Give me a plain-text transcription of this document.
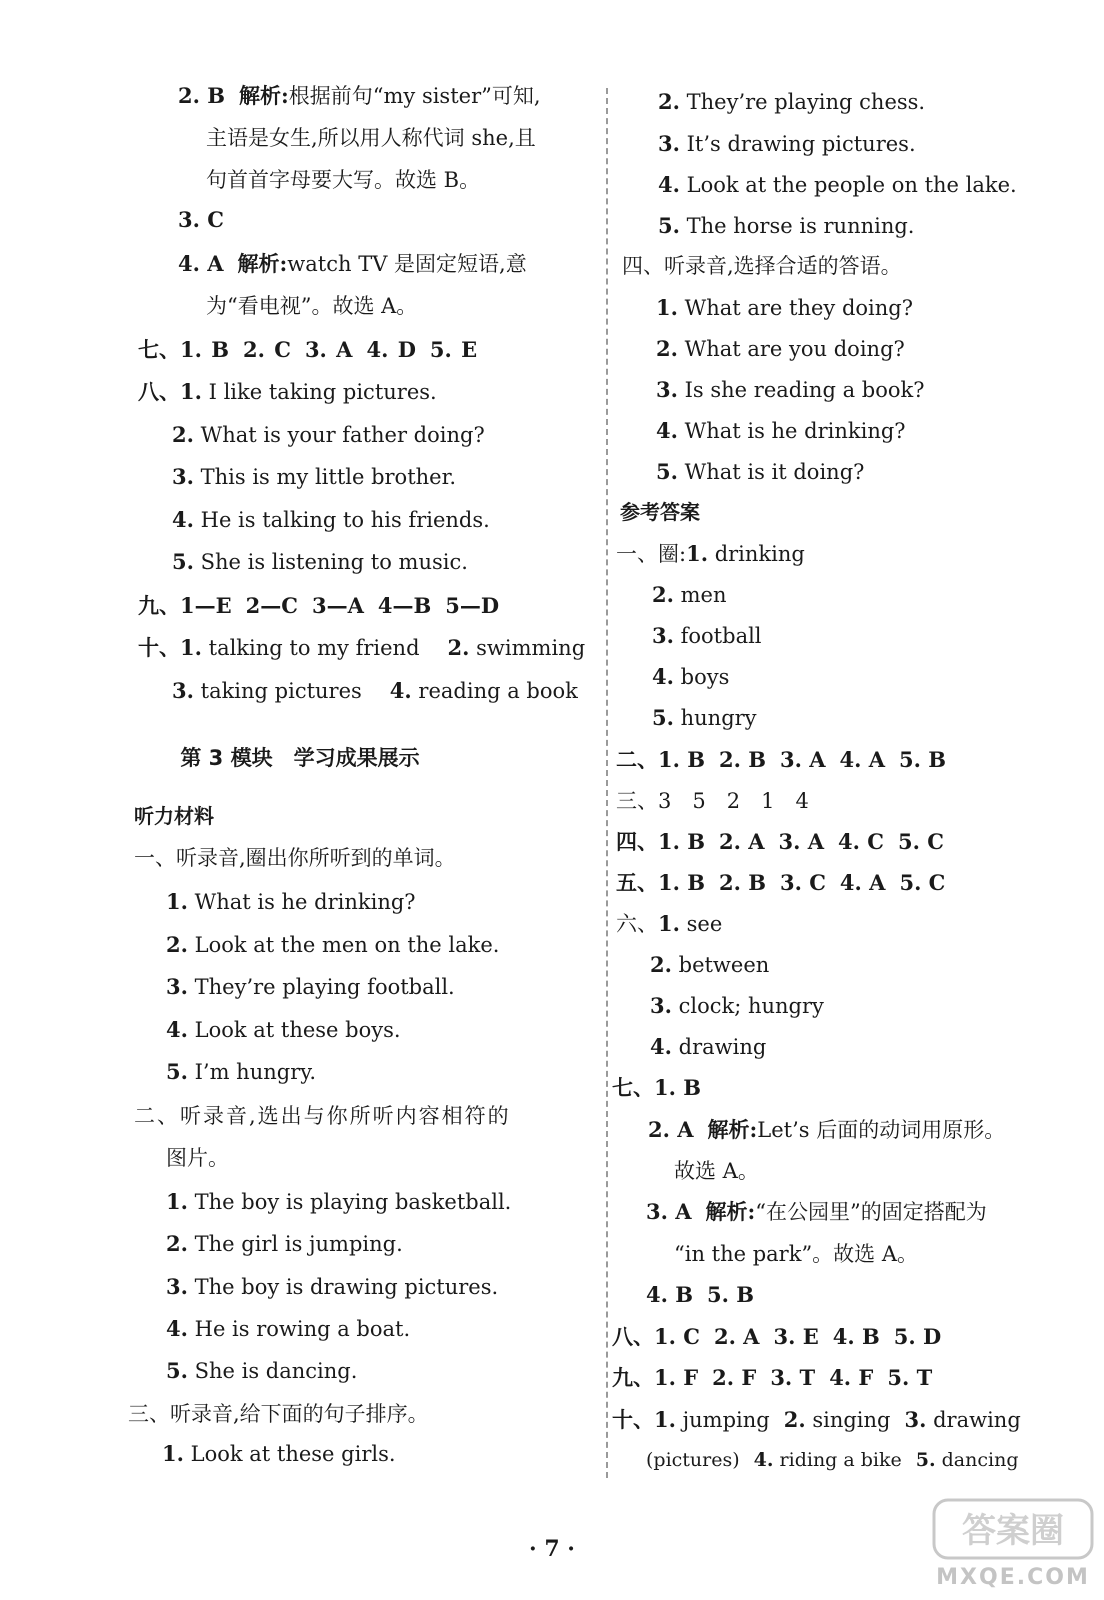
2. B 解析:根据前句“my sister”可知,
主语是女生,所以用人称代词 she,且
句首首字母要大写。故选 B。
3. C
4. A 解析:watch TV 是固定短语,意
为“看电视”。故选 A。
七、1. B 2. C 3. A 4. D 5. E
八、1. I like taking pictures.
2. What is your father doing?
3. This is my little brother.
4. He is talking to his friends.
5. She is listening to music.
九、1—E 2—C 3—A 4—B 5—D
十、1. talking to my friend 2. swimming
3. taking pictures 4. reading a book
第 3 模块　学习成果展示
听力材料
一、听录音,圈出你所听到的单词。
1. What is he drinking?
2. Look at the men on the lake.
3. They’re playing football.
4. Look at these boys.
5. I’m hungry.
二、听录音,选出与你所听内容相符的
图片。
1. The boy is playing basketball.
2. The girl is jumping.
3. The boy is drawing pictures.
4. He is rowing a boat.
5. She is dancing.
三、听录音,给下面的句子排序。
1. Look at these girls.
2. They’re playing chess.
3. It’s drawing pictures.
4. Look at the people on the lake.
5. The horse is running.
四、听录音,选择合适的答语。
1. What are they doing?
2. What are you doing?
3. Is she reading a book?
4. What is he drinking?
5. What is it doing?
参考答案
一、圈:1. drinking
2. men
3. football
4. boys
5. hungry
二、1. B 2. B 3. A 4. A 5. B
三、3　5　2　1　4
四、1. B 2. A 3. A 4. C 5. C
五、1. B 2. B 3. C 4. A 5. C
六、1. see
2. between
3. clock; hungry
4. drawing
七、1. B
2. A 解析:Let’s 后面的动词用原形。
故选 A。
3. A 解析:“在公园里”的固定搭配为
“in the park”。故选 A。
4. B 5. B
八、1. C 2. A 3. E 4. B 5. D
九、1. F 2. F 3. T 4. F 5. T
十、1. jumping 2. singing 3. drawing
(pictures) 4. riding a bike 5. dancing
· 7 ·	答案圈
MXQE.COM
